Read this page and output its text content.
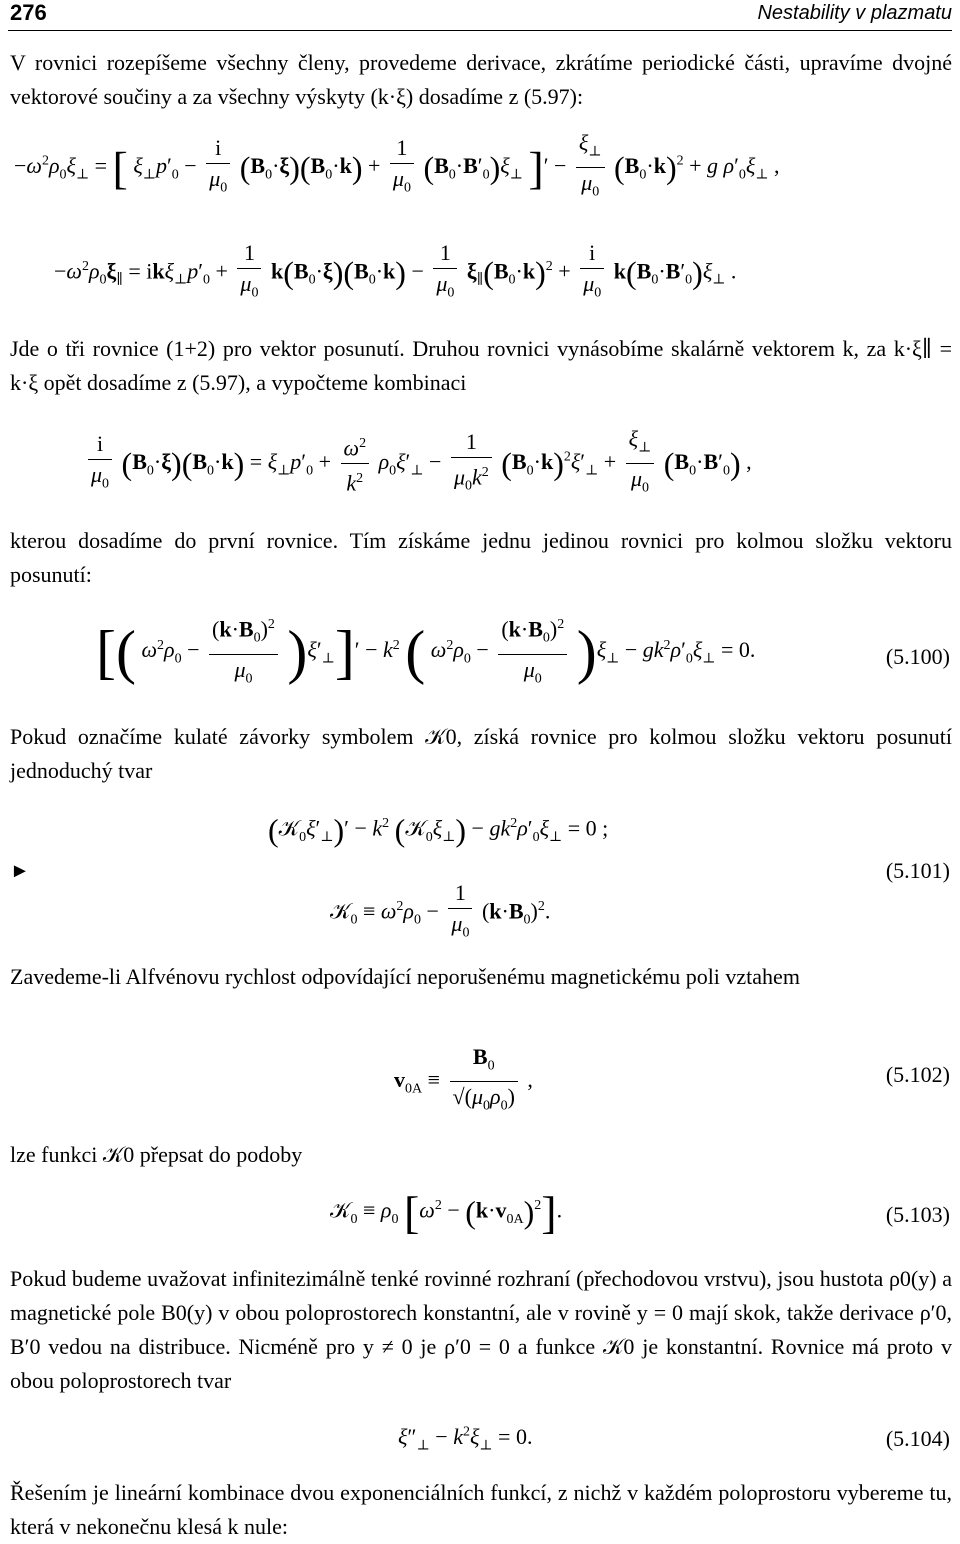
276	Nestability v plazmatu
V rovnici rozepíšeme všechny členy, provedeme derivace, zkrátíme periodické části, upravíme dvojné vektorové součiny a za všechny výskyty (k·ξ) dosadíme z (5.97):
$-\omega^2\rho_0\xi_\perp$ = [ $\xi_\perp p'_0 - \frac{i}{\mu_0} (B_0\cdot\xi)(B_0\cdot k) + \frac{1}{\mu_0} (B_0\cdot B'_0)\xi_\perp$ ]′ − $\frac{\xi_\perp}{\mu_0} (B_0\cdot k)^2 + g$ $\rho'_0\xi_\perp$ ,
$-\omega^2\rho_0\xi_\parallel = ik\xi_\perp p'_0 + \frac{1}{\mu_0} k(B_0\cdot\xi)(B_0\cdot k) - \frac{1}{\mu_0} \xi_\parallel(B_0\cdot k)^2 + \frac{i}{\mu_0} k(B_0\cdot B'_0)\xi_\perp$ .
Jde o tři rovnice (1+2) pro vektor posunutí. Druhou rovnici vynásobíme skalárně vektorem k, za k·ξ∥ = k·ξ opět dosadíme z (5.97), a vypočteme kombinaci
$\frac{i}{\mu_0} (B_0\cdot\xi)(B_0\cdot k) = \xi_\perp p'_0 + \frac{\omega^2}{k^2} \rho_0\xi'_\perp - \frac{1}{\mu_0k^2} (B_0\cdot k)^2\xi'_\perp + \frac{\xi_\perp}{\mu_0} (B_0\cdot B'_0)$ ,
kterou dosadíme do první rovnice. Tím získáme jednu jedinou rovnici pro kolmou složku vektoru posunutí:
[( $\omega^2\rho_0 - \frac{(k\cdot B_0)^2}{\mu_0} )\xi'_\perp]' - k^2$ ( $\omega^2\rho_0 - \frac{(k\cdot B_0)^2}{\mu_0} )\xi_\perp - gk^2\rho'_0\xi_\perp = 0$.	(5.100)
Pokud označíme kulaté závorky symbolem 𝒦0, získá rovnice pro kolmou složku vektoru posunutí jednoduchý tvar
►
$(𝒦_0\xi'_\perp)' - k^2$ $(𝒦_0\xi_\perp) - gk^2\rho'_0\xi_\perp = 0$ ;
𝒦$_0$ ≡ $\omega^2\rho_0 - \frac{1}{\mu_0} (k\cdot B_0)^2$.
(5.101)
Zavedeme-li Alfvénovu rychlost odpovídající neporušenému magnetickému poli vztahem
$v_{0A} \equiv \frac{B_0}{√(\mu_0\rho_0)}$ ,	(5.102)
lze funkci 𝒦0 přepsat do podoby
𝒦$_0$ ≡ $\rho_0$ $[\omega^2 - (k\cdot v_{0A})^2]$.	(5.103)
Pokud budeme uvažovat infinitezimálně tenké rovinné rozhraní (přechodovou vrstvu), jsou hustota ρ0(y) a magnetické pole B0(y) v obou poloprostorech konstantní, ale v rovině y = 0 mají skok, takže derivace ρ′0, B′0 vedou na distribuce. Nicméně pro y ≠ 0 je ρ′0 = 0 a funkce 𝒦0 je konstantní. Rovnice má proto v obou poloprostorech tvar
$\xi''_\perp - k^2\xi_\perp = 0$.	(5.104)
Řešením je lineární kombinace dvou exponenciálních funkcí, z nichž v každém poloprostoru vybereme tu, která v nekonečnu klesá k nule:
